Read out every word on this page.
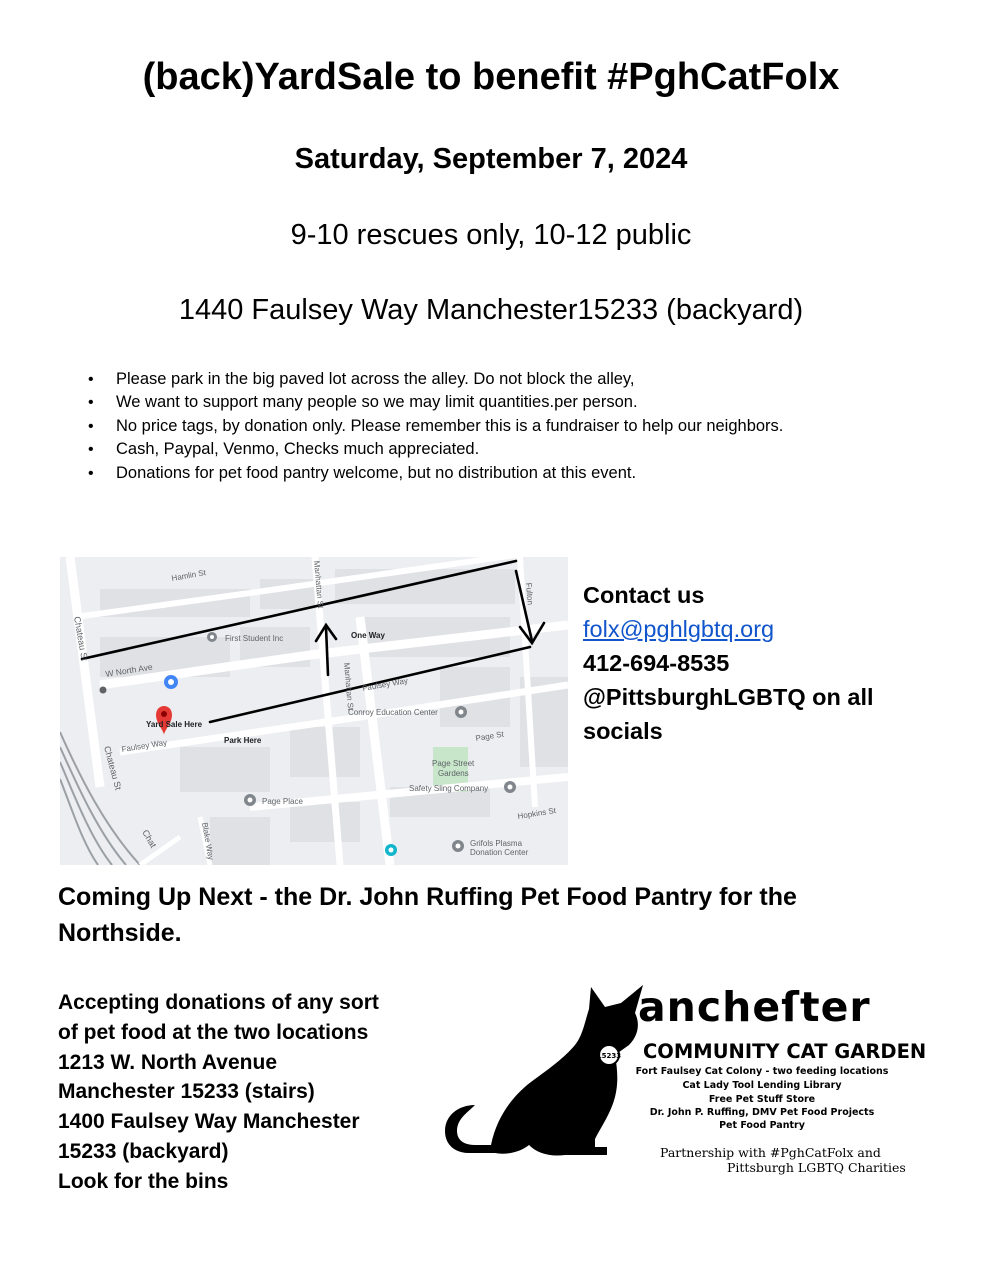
(back)YardSale to benefit #PghCatFolx
Saturday, September 7, 2024
9-10 rescues only, 10-12 public
1440 Faulsey Way Manchester15233 (backyard)
• Please park in the big paved lot across the alley. Do not block the alley,
• We want to support many people so we may limit quantities.per person.
• No price tags, by donation only. Please remember this is a fundraiser to help our neighbors.
• Cash, Paypal, Venmo, Checks much appreciated.
• Donations for pet food pantry welcome, but no distribution at this event.
Hamlin St
Chateau St
Chateau St
Chat
W North Ave
First Student Inc	One Way
Manhattan St
Manhattan St Faulsey Way
Faulsey Way
Conroy Education Center
Yard Sale Here
Park Here	Page St
Page Street
Gardens
Safety Sling Company
Page Place
Hopkins St
Grifols Plasma
Donation Center
Fulton
Blake Way
Contact us
folx@pghlgbtq.org
412-694-8535
@PittsburghLGBTQ on all
socials
Coming Up Next - the Dr. John Ruffing Pet Food Pantry for the
Northside.
Accepting donations of any sort
of pet food at the two locations
1213 W. North Avenue
Manchester 15233 (stairs)
1400 Faulsey Way Manchester
15233 (backyard)
Look for the bins
15233
ancheſter
COMMUNITY CAT GARDEN
Fort Faulsey Cat Colony - two feeding locations
Cat Lady Tool Lending Library
Free Pet Stuff Store
Dr. John P. Ruffing, DMV Pet Food Projects
Pet Food Pantry
Partnership with #PghCatFolx and
Pittsburgh LGBTQ Charities
